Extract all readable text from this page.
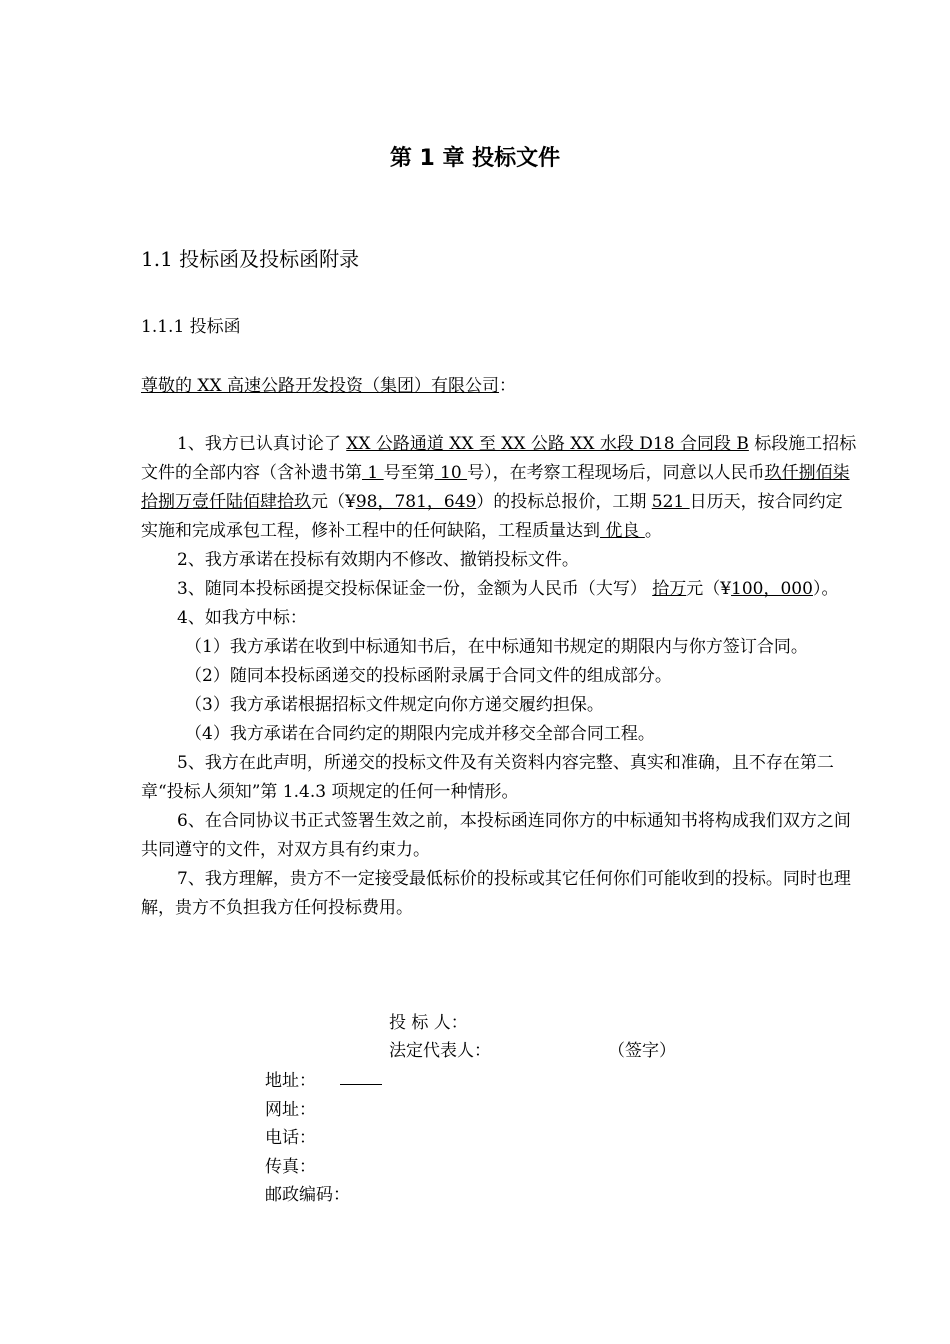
第 1 章 投标文件
1.1 投标函及投标函附录
1.1.1 投标函

尊敬的 XX 高速公路开发投资（集团）有限公司：

1、我方已认真讨论了 XX 公路通道 XX 至 XX 公路 XX 水段 D18 合同段 B 标段施工招标文件的全部内容（含补遗书第 1 号至第 10 号），在考察工程现场后，同意以人民币玖仟捌佰柒拾捌万壹仟陆佰肆拾玖元（¥98，781，649）的投标总报价，工期 521 日历天，按合同约定实施和完成承包工程，修补工程中的任何缺陷，工程质量达到 优良 。

2、我方承诺在投标有效期内不修改、撤销投标文件。

3、随同本投标函提交投标保证金一份，金额为人民币（大写） 拾万元（¥100，000）。

4、如我方中标：

（1）我方承诺在收到中标通知书后，在中标通知书规定的期限内与你方签订合同。

（2）随同本投标函递交的投标函附录属于合同文件的组成部分。

（3）我方承诺根据招标文件规定向你方递交履约担保。

（4）我方承诺在合同约定的期限内完成并移交全部合同工程。

5、我方在此声明，所递交的投标文件及有关资料内容完整、真实和准确，且不存在第二章“投标人须知”第 1.4.3 项规定的任何一种情形。

6、在合同协议书正式签署生效之前，本投标函连同你方的中标通知书将构成我们双方之间共同遵守的文件，对双方具有约束力。

7、我方理解，贵方不一定接受最低标价的投标或其它任何你们可能收到的投标。同时也理解，贵方不负担我方任何投标费用。

投 标 人：
法定代表人：	（签字）
地址：
网址：
电话：
传真：
邮政编码：
